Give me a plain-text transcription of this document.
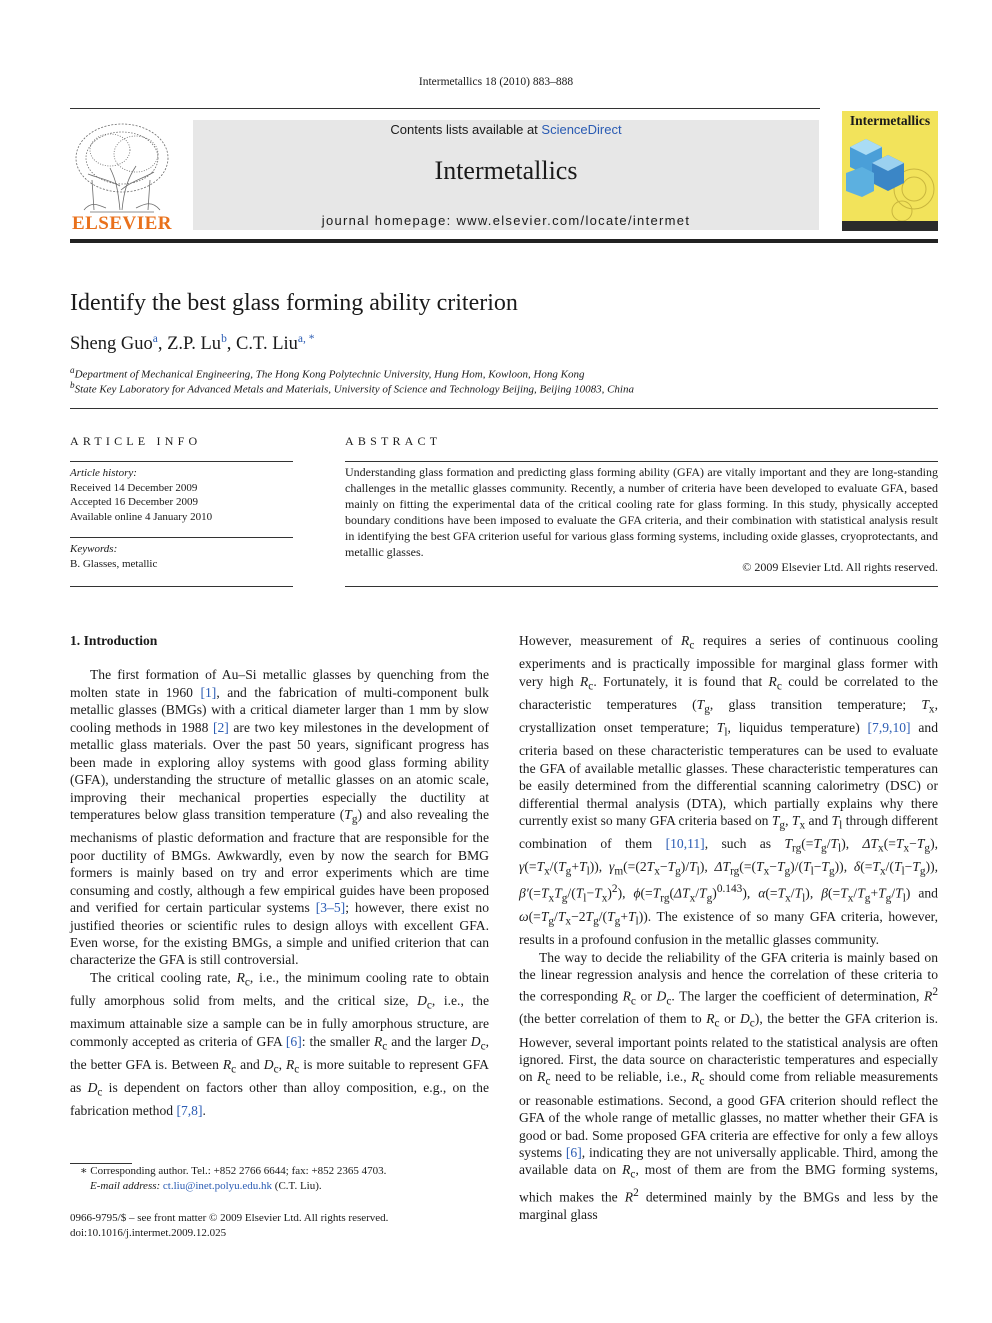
Intermetallics 18 (2010) 883–888
ELSEVIER
Contents lists available at ScienceDirect
Intermetallics
journal homepage: www.elsevier.com/locate/intermet
Intermetallics
Identify the best glass forming ability criterion
Sheng Guo$^a$, Z.P. Lu$^b$, C.T. Liu$^{a, *}$
$^a$Department of Mechanical Engineering, The Hong Kong Polytechnic University, Hung Hom, Kowloon, Hong Kong
$^b$State Key Laboratory for Advanced Metals and Materials, University of Science and Technology Beijing, Beijing 10083, China
ARTICLE INFO	ABSTRACT
Article history:
Received 14 December 2009
Accepted 16 December 2009
Available online 4 January 2010
Keywords:
B. Glasses, metallic
Understanding glass formation and predicting glass forming ability (GFA) are vitally important and they are long-standing challenges in the metallic glasses community. Recently, a number of criteria have been developed to evaluate GFA, based mainly on fitting the experimental data of the critical cooling rate for glass forming. In this study, physically accepted boundary conditions have been imposed to evaluate the GFA criteria, and their combination with statistical analysis result in identifying the best GFA criterion useful for various glass forming systems, including oxide glasses, cryoprotectants, and metallic glasses.
© 2009 Elsevier Ltd. All rights reserved.
1. Introduction

The first formation of Au–Si metallic glasses by quenching from the molten state in 1960 [1], and the fabrication of multi-component bulk metallic glasses (BMGs) with a critical diameter larger than 1 mm by slow cooling methods in 1988 [2] are two key milestones in the development of metallic glass materials. Over the past 50 years, significant progress has been made in exploring alloy systems with good glass forming ability (GFA), understanding the structure of metallic glasses on an atomic scale, improving their mechanical properties especially the ductility at temperatures below glass transition temperature $(T_g)$ and also revealing the mechanisms of plastic deformation and fracture that are responsible for the poor ductility of BMGs. Awkwardly, even by now the search for BMG formers is mainly based on try and error experiments which are time consuming and costly, although a few empirical guides have been proposed and verified for certain particular systems [3–5]; however, there exist no justified theories or scientific rules to design alloys with excellent GFA. Even worse, for the existing BMGs, a simple and unified criterion that can characterize the GFA is still controversial.

The critical cooling rate, $R_c$, i.e., the minimum cooling rate to obtain fully amorphous solid from melts, and the critical size, $D_c$, i.e., the maximum attainable size a sample can be in fully amorphous structure, are commonly accepted as criteria of GFA [6]: the smaller $R_c$ and the larger $D_c$, the better GFA is. Between $R_c$ and $D_c$, $R_c$ is more suitable to represent GFA as $D_c$ is dependent on factors other than alloy composition, e.g., on the fabrication method [7,8].

However, measurement of $R_c$ requires a series of continuous cooling experiments and is practically impossible for marginal glass former with very high $R_c$. Fortunately, it is found that $R_c$ could be correlated to the characteristic temperatures ($T_g$, glass transition temperature; $T_x$, crystallization onset temperature; $T_l$, liquidus temperature) [7,9,10] and criteria based on these characteristic temperatures can be used to evaluate the GFA of available metallic glasses. These characteristic temperatures can be easily determined from the differential scanning calorimetry (DSC) or differential thermal analysis (DTA), which partially explains why there currently exist so many GFA criteria based on $T_g$, $T_x$ and $T_l$ through different combination of them [10,11], such as $T_{rg}(=T_g/T_l)$, $\Delta T_x(=T_x-T_g)$, $\gamma(=T_x/(T_g+T_l))$, $\gamma_m(=(2T_x-T_g)/T_l)$, $\Delta T_{rg}(=(T_x-T_g)/(T_l-T_g))$, $\delta(=T_x/(T_l-T_g))$, $\beta'(=T_xT_g/(T_l-T_x)^2)$, $\phi(=T_{rg}(\Delta T_x/T_g)^{0.143})$, $\alpha(=T_x/T_l)$, $\beta(=T_x/T_g+T_g/T_l)$ and $\omega(=T_g/T_x-2T_g/(T_g+T_l))$. The existence of so many GFA criteria, however, results in a profound confusion in the metallic glasses community.

The way to decide the reliability of the GFA criteria is mainly based on the linear regression analysis and hence the correlation of these criteria to the corresponding $R_c$ or $D_c$. The larger the coefficient of determination, $R^2$ (the better correlation of them to $R_c$ or $D_c$), the better the GFA criterion is. However, several important points related to the statistical analysis are often ignored. First, the data source on characteristic temperatures and especially on $R_c$ need to be reliable, i.e., $R_c$ should come from reliable measurements or reasonable estimations. Second, a good GFA criterion should reflect the GFA of the whole range of metallic glasses, no matter whether their GFA is good or bad. Some proposed GFA criteria are effective for only a few alloys systems [6], indicating they are not universally applicable. Third, among the available data on $R_c$, most of them are from the BMG forming systems, which makes the $R^2$ determined mainly by the BMGs and less by the marginal glass

∗ Corresponding author. Tel.: +852 2766 6644; fax: +852 2365 4703.
E-mail address: ct.liu@inet.polyu.edu.hk (C.T. Liu).
0966-9795/$ – see front matter © 2009 Elsevier Ltd. All rights reserved.
doi:10.1016/j.intermet.2009.12.025
